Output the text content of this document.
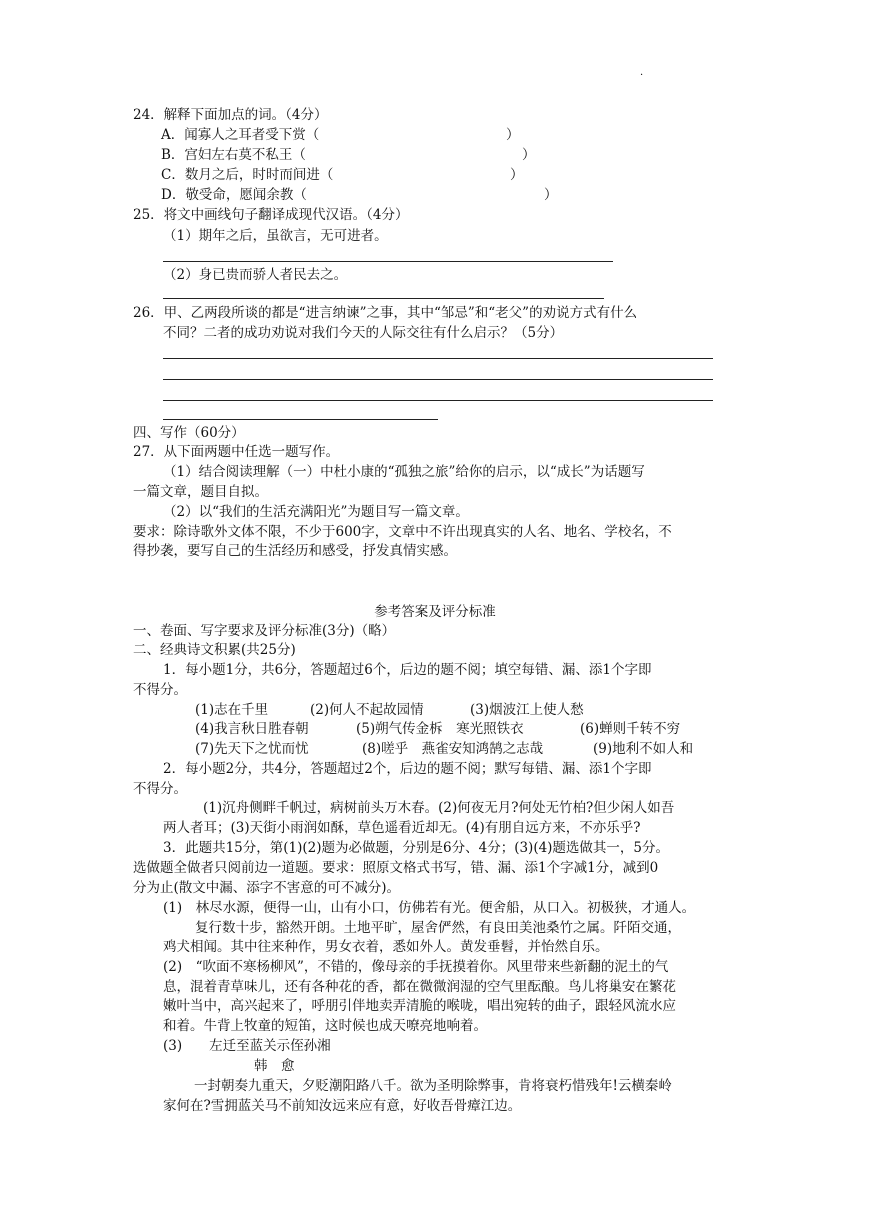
·
24．解释下面加点的词。（4分）
A．闻寡人之耳者受下赏（	）
B．宫妇左右莫不私王（	）
C．数月之后，时时而间进（	）
D．敬受命，愿闻余教（	）
25．将文中画线句子翻译成现代汉语。（4分）
（1）期年之后，虽欲言，无可进者。
（2）身已贵而骄人者民去之。
26．甲、乙两段所谈的都是“进言纳谏”之事，其中“邹忌”和“老父”的劝说方式有什么
不同？二者的成功劝说对我们今天的人际交往有什么启示？（5分）
四、写作（60分）
27．从下面两题中任选一题写作。
（1）结合阅读理解（一）中杜小康的“孤独之旅”给你的启示，以“成长”为话题写
一篇文章，题目自拟。
（2）以“我们的生活充满阳光”为题目写一篇文章。
要求：除诗歌外文体不限，不少于600字，文章中不许出现真实的人名、地名、学校名，不
得抄袭，要写自己的生活经历和感受，抒发真情实感。
参考答案及评分标准
一、卷面、写字要求及评分标准(3分)（略）
二、经典诗文积累(共25分)
1．每小题1分，共6分，答题超过6个，后边的题不阅；填空每错、漏、添1个字即
不得分。
(1)志在千里	(2)何人不起故园情	(3)烟波江上使人愁
(4)我言秋日胜春朝	(5)朔气传金柝　寒光照铁衣	(6)蝉则千转不穷
(7)先天下之忧而忧	(8)嗟乎　燕雀安知鸿鹄之志哉	(9)地利不如人和
2．每小题2分，共4分，答题超过2个，后边的题不阅；默写每错、漏、添1个字即
不得分。
(1)沉舟侧畔千帆过，病树前头万木春。(2)何夜无月?何处无竹柏?但少闲人如吾
两人者耳；(3)天街小雨润如酥，草色遥看近却无。(4)有朋自远方来，不亦乐乎?
3．此题共15分，第(1)(2)题为必做题，分别是6分、4分；(3)(4)题选做其一，5分。
选做题全做者只阅前边一道题。要求：照原文格式书写，错、漏、添1个字减1分，减到0
分为止(散文中漏、添字不害意的可不减分)。
(1)　林尽水源，便得一山，山有小口，仿佛若有光。便舍船，从口入。初极狭，才通人。
复行数十步，豁然开朗。土地平旷，屋舍俨然，有良田美池桑竹之属。阡陌交通，
鸡犬相闻。其中往来种作，男女衣着，悉如外人。黄发垂髫，并怡然自乐。
(2)　“吹面不寒杨柳风”，不错的，像母亲的手抚摸着你。风里带来些新翻的泥土的气
息，混着青草味儿，还有各种花的香，都在微微润湿的空气里酝酿。鸟儿将巢安在繁花
嫩叶当中，高兴起来了，呼朋引伴地卖弄清脆的喉咙，唱出宛转的曲子，跟轻风流水应
和着。牛背上牧童的短笛，这时候也成天嘹亮地响着。
(3)　　左迁至蓝关示侄孙湘
韩　愈
一封朝奏九重天，夕贬潮阳路八千。欲为圣明除弊事，肯将衰朽惜残年!云横秦岭
家何在?雪拥蓝关马不前知汝远来应有意，好收吾骨瘴江边。
